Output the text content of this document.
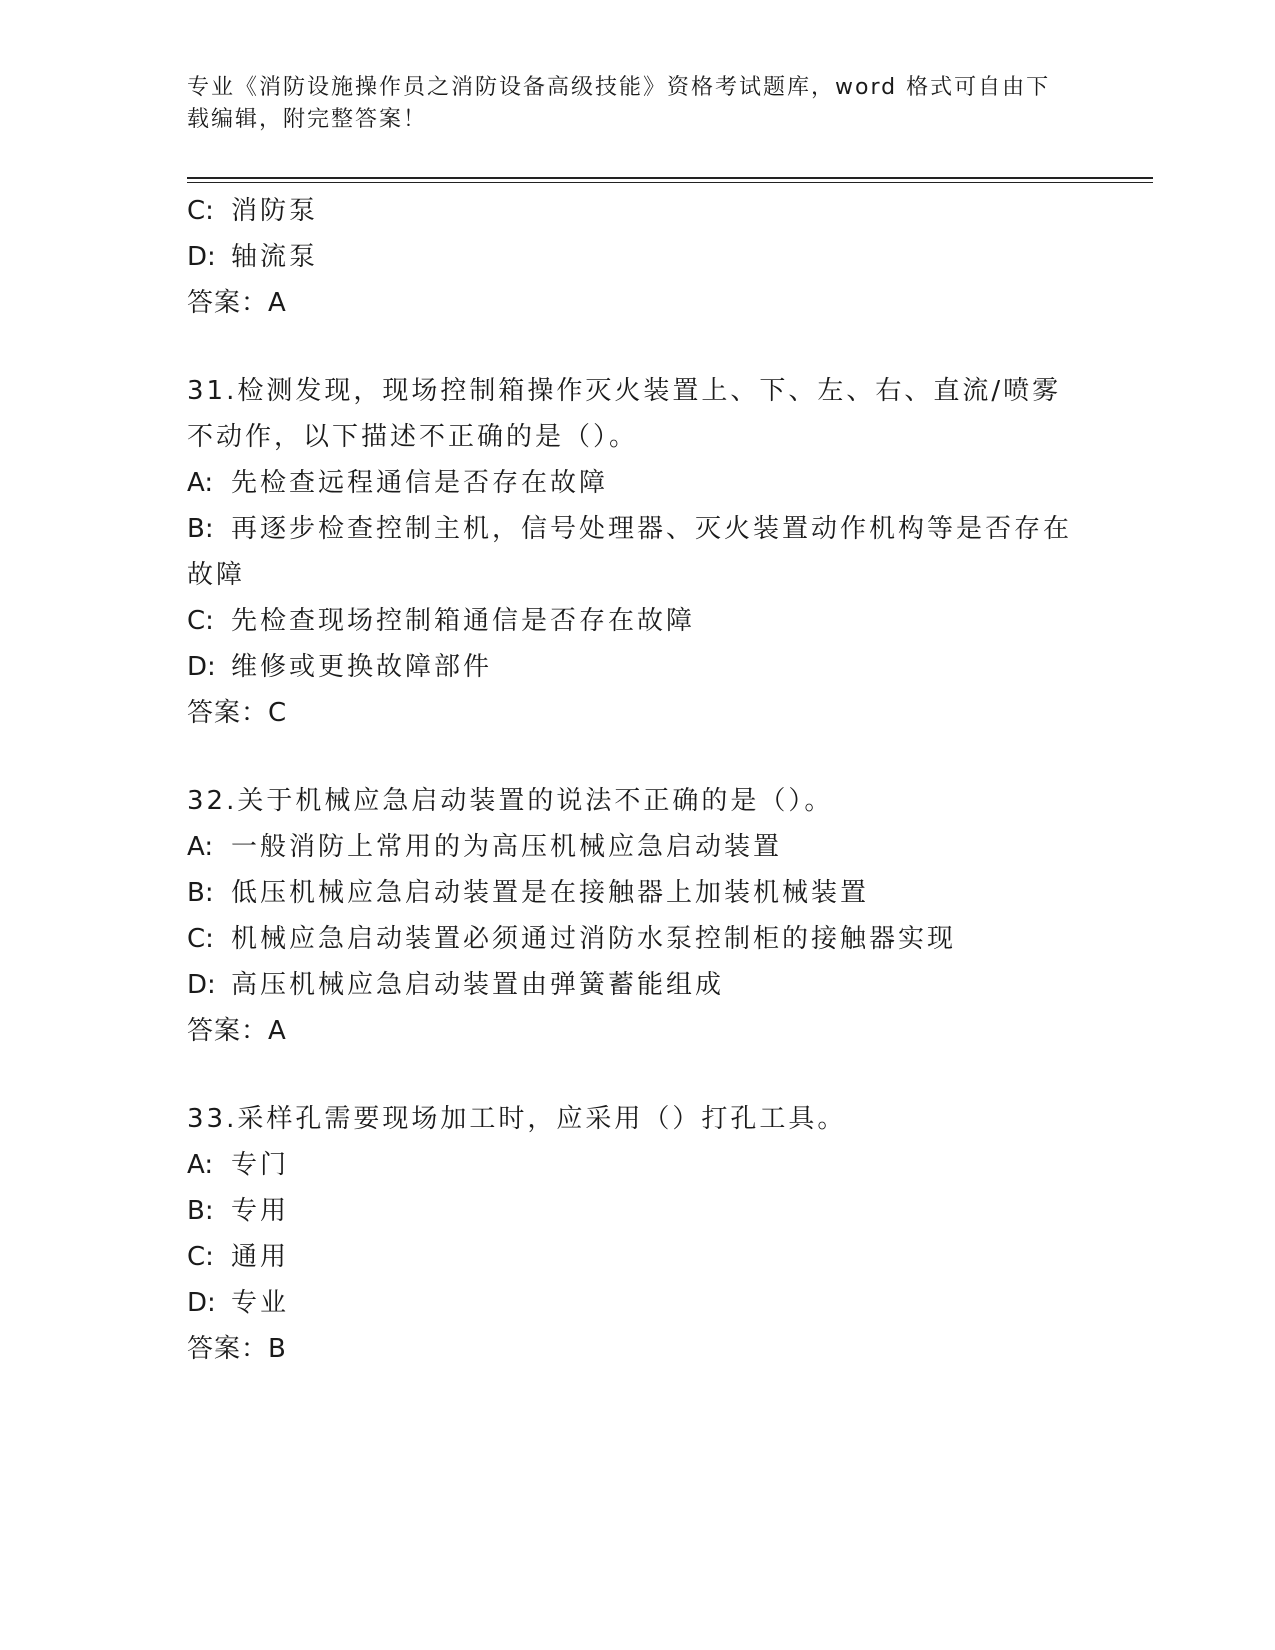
专业《消防设施操作员之消防设备高级技能》资格考试题库，word 格式可自由下
载编辑，附完整答案！
C: 消防泵
D: 轴流泵
答案：A
31.检测发现，现场控制箱操作灭火装置上、下、左、右、直流/喷雾
不动作，以下描述不正确的是（）。
A: 先检查远程通信是否存在故障
B: 再逐步检查控制主机，信号处理器、灭火装置动作机构等是否存在
故障
C: 先检查现场控制箱通信是否存在故障
D: 维修或更换故障部件
答案：C
32.关于机械应急启动装置的说法不正确的是（）。
A: 一般消防上常用的为高压机械应急启动装置
B: 低压机械应急启动装置是在接触器上加装机械装置
C: 机械应急启动装置必须通过消防水泵控制柜的接触器实现
D: 高压机械应急启动装置由弹簧蓄能组成
答案：A
33.采样孔需要现场加工时，应采用（）打孔工具。
A: 专门
B: 专用
C: 通用
D: 专业
答案：B
